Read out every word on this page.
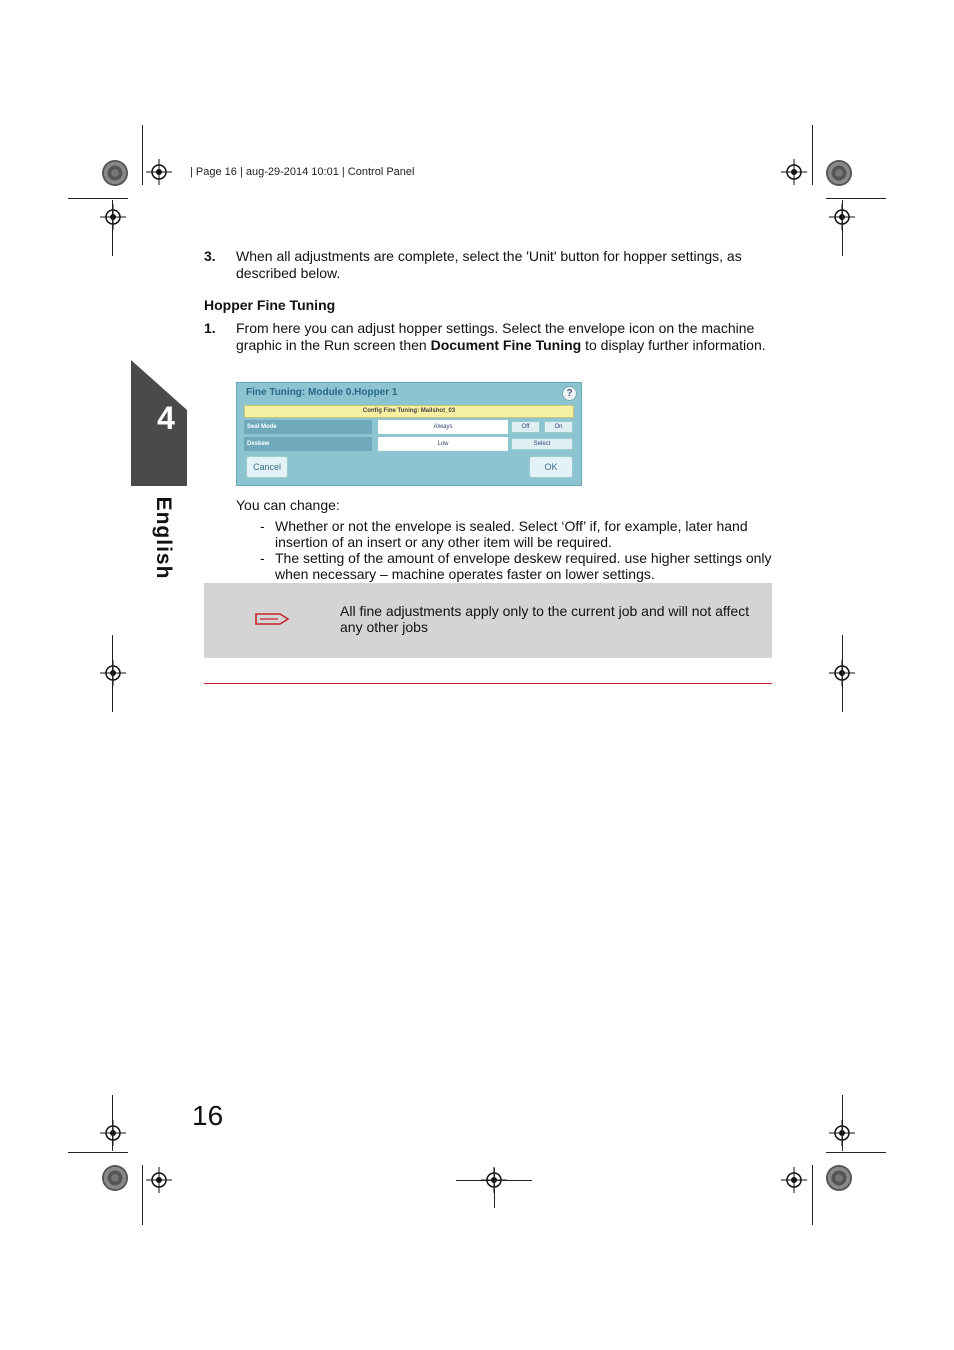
| Page 16 | aug-29-2014 10:01 | Control Panel
4
English
3. When all adjustments are complete, select the 'Unit' button for hopper settings, as described below.
Hopper Fine Tuning
1. From here you can adjust hopper settings. Select the envelope icon on the machine graphic in the Run screen then Document Fine Tuning to display further information.
Fine Tuning: Module 0.Hopper 1	?
Config Fine Tuning: Mailshot_03
Seal Mode	Always	Off	On
Deskew	Low	Select
Cancel	OK
You can change:
- Whether or not the envelope is sealed. Select ‘Off’ if, for example, later hand insertion of an insert or any other item will be required.
- The setting of the amount of envelope deskew required. use higher settings only when necessary – machine operates faster on lower settings.
All fine adjustments apply only to the current job and will not affect any other jobs
16
